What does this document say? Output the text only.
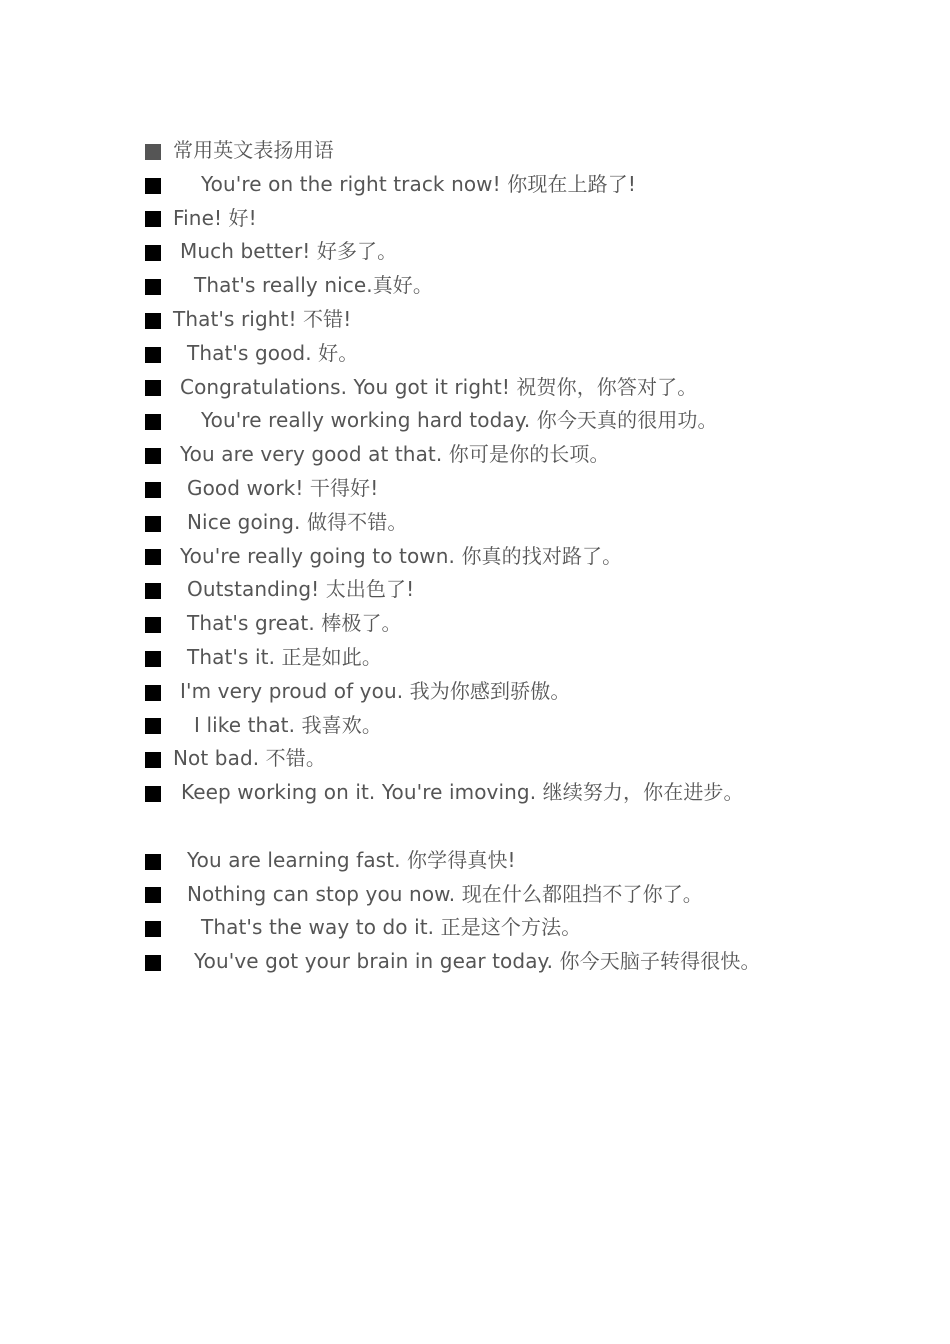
常用英文表扬用语
You're on the right track now! 你现在上路了!
Fine! 好!
Much better! 好多了。
That's really nice.真好。
That's right! 不错!
That's good. 好。
Congratulations. You got it right! 祝贺你，你答对了。
You're really working hard today. 你今天真的很用功。
You are very good at that. 你可是你的长项。
Good work! 干得好!
Nice going. 做得不错。
You're really going to town. 你真的找对路了。
Outstanding! 太出色了!
That's great. 棒极了。
That's it. 正是如此。
I'm very proud of you. 我为你感到骄傲。
I like that. 我喜欢。
Not bad. 不错。
Keep working on it. You're imoving. 继续努力，你在进步。
You are learning fast. 你学得真快!
Nothing can stop you now. 现在什么都阻挡不了你了。
That's the way to do it. 正是这个方法。
You've got your brain in gear today. 你今天脑子转得很快。
